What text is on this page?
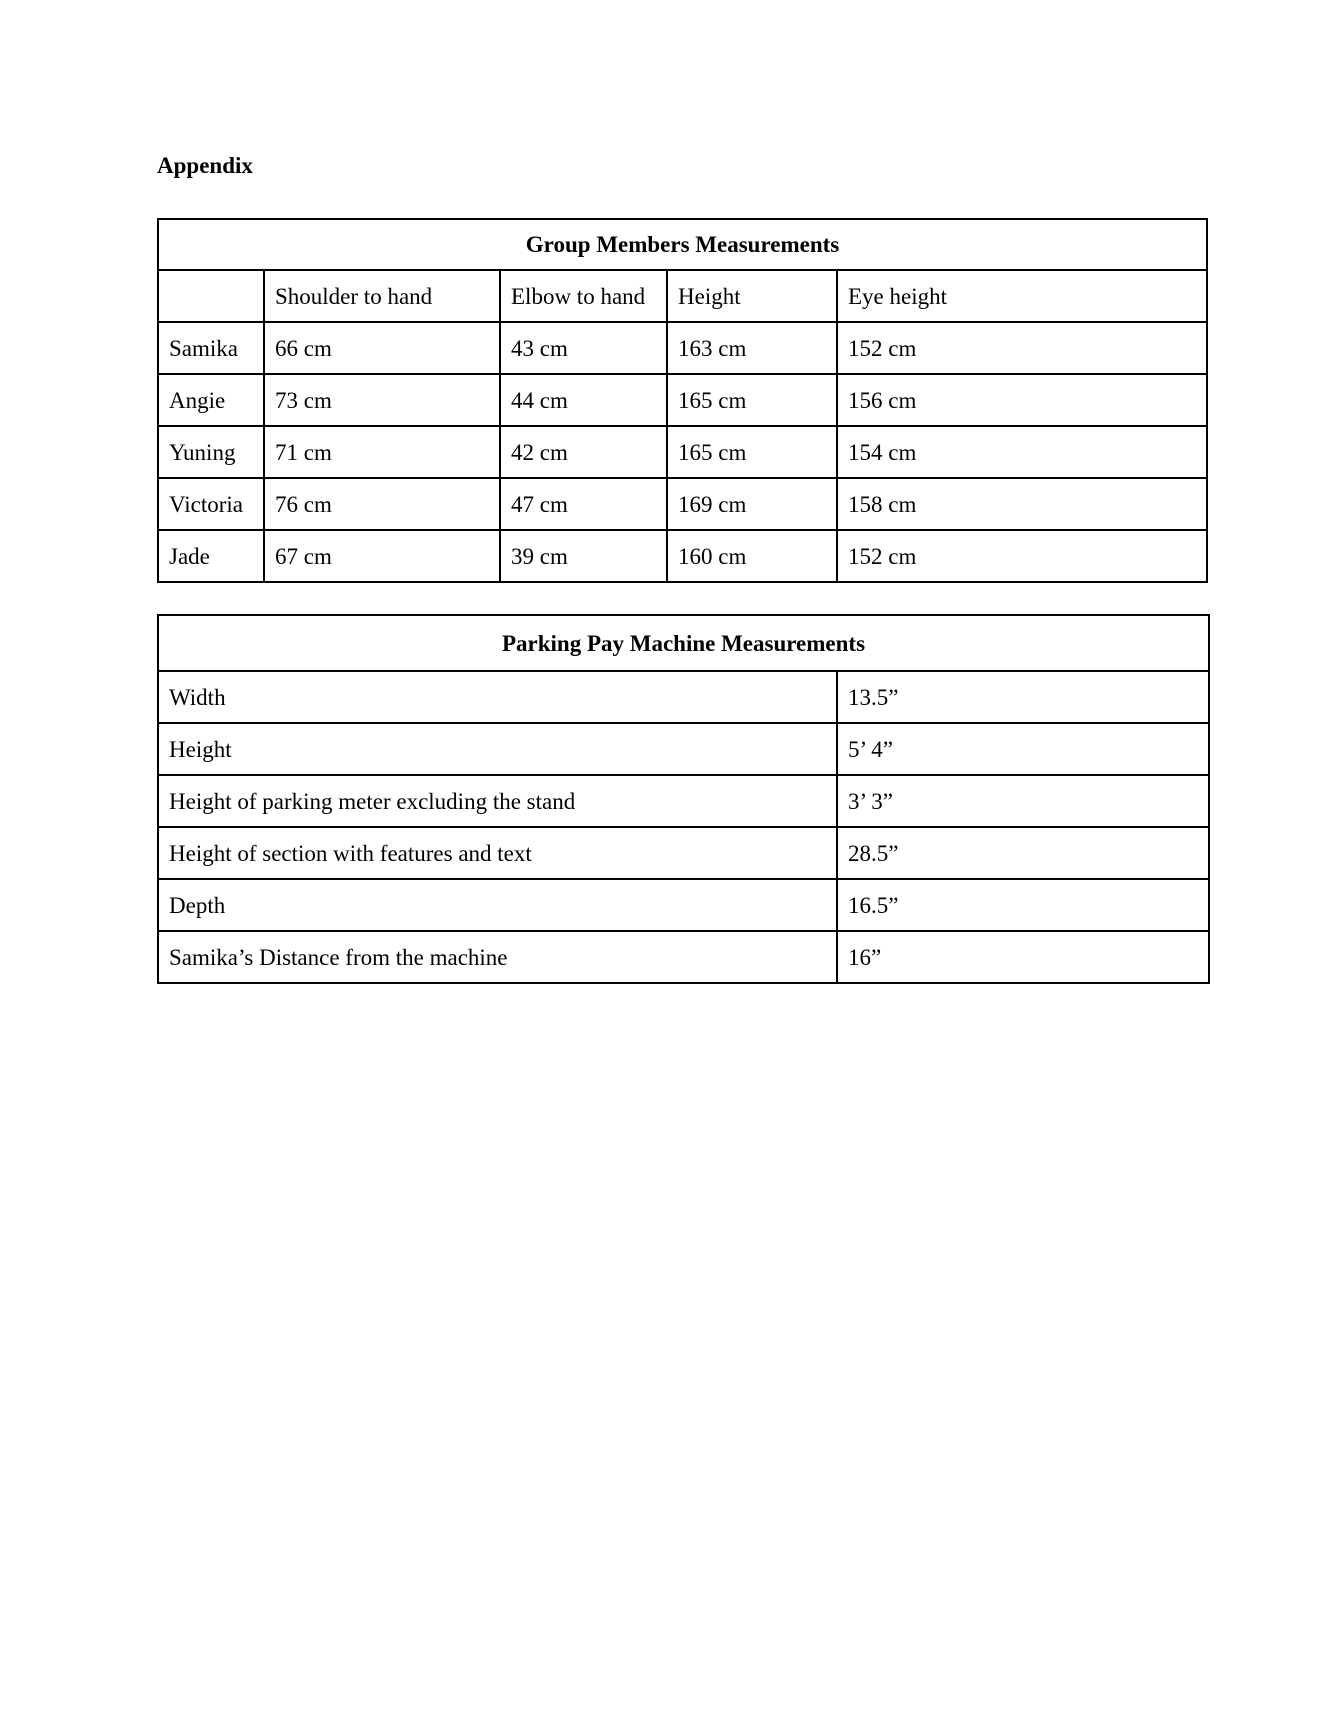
Appendix
Group Members Measurements				
	Shoulder to hand	Elbow to hand	Height	Eye height
Samika	66 cm	43 cm	163 cm	152 cm
Angie	73 cm	44 cm	165 cm	156 cm
Yuning	71 cm	42 cm	165 cm	154 cm
Victoria	76 cm	47 cm	169 cm	158 cm
Jade	67 cm	39 cm	160 cm	152 cm
Parking Pay Machine Measurements	
Width	13.5”
Height	5’ 4”
Height of parking meter excluding the stand	3’ 3”
Height of section with features and text	28.5”
Depth	16.5”
Samika’s Distance from the machine	16”
